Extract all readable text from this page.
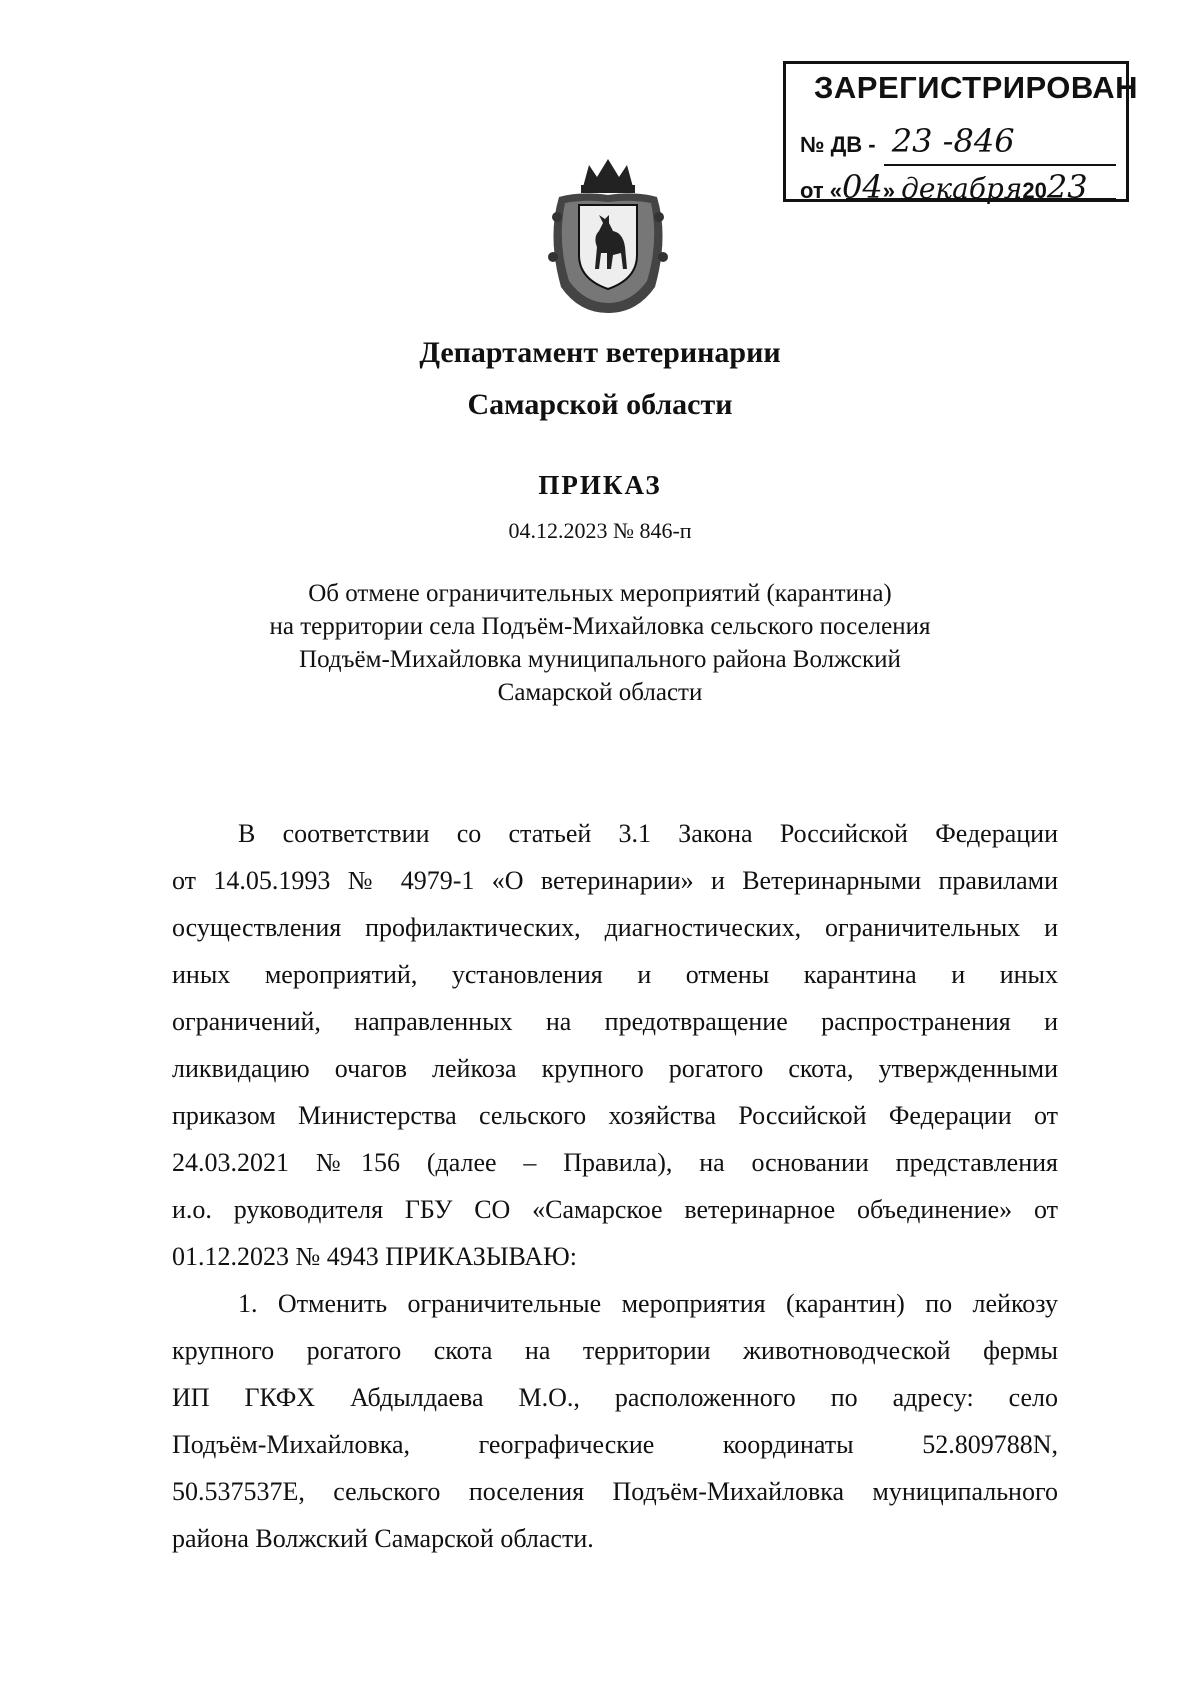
ЗАРЕГИСТРИРОВАН
№ ДВ - 23 -846
от «04» декабря2023
Департамент ветеринарии
Самарской области
ПРИКАЗ
04.12.2023 № 846-п
Об отмене ограничительных мероприятий (карантина)
на территории села Подъём-Михайловка сельского поселения
Подъём-Михайловка муниципального района Волжский
Самарской области
В соответствии со статьей 3.1 Закона Российской Федерации
от 14.05.1993 № 4979-1 «О ветеринарии» и Ветеринарными правилами
осуществления профилактических, диагностических, ограничительных и
иных мероприятий, установления и отмены карантина и иных
ограничений, направленных на предотвращение распространения и
ликвидацию очагов лейкоза крупного рогатого скота, утвержденными
приказом Министерства сельского хозяйства Российской Федерации от
24.03.2021 №156 (далее – Правила), на основании представления
и.о. руководителя ГБУ СО «Самарское ветеринарное объединение» от
01.12.2023 № 4943 ПРИКАЗЫВАЮ:
1. Отменить ограничительные мероприятия (карантин) по лейкозу
крупного рогатого скота на территории животноводческой фермы
ИП ГКФХ Абдылдаева М.О., расположенного по адресу: село
Подъём-Михайловка, географические координаты 52.809788N,
50.537537Е, сельского поселения Подъём-Михайловка муниципального
района Волжский Самарской области.
